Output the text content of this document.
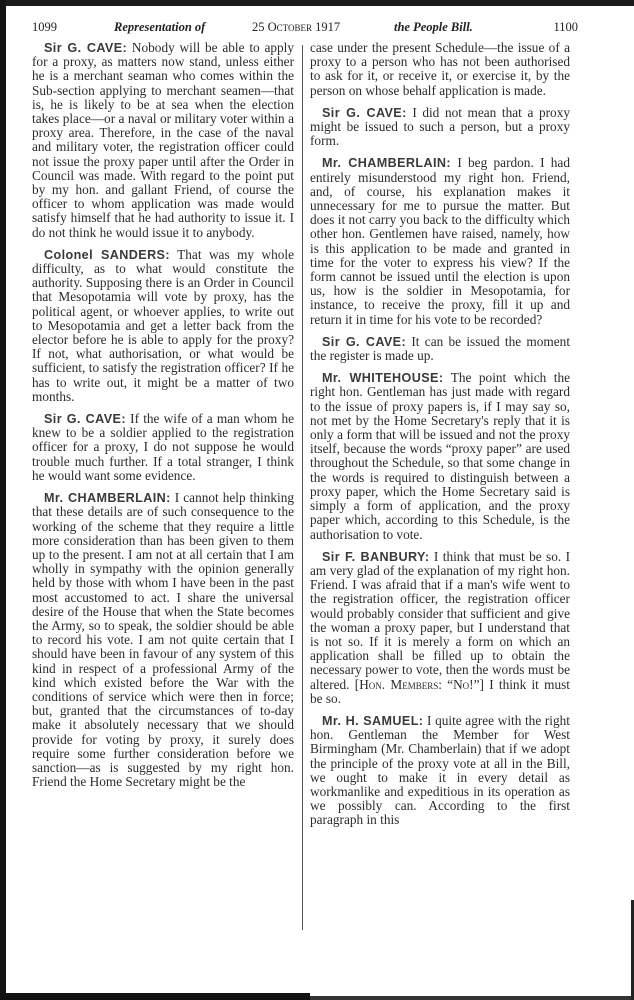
1099	Representation of	25 October 1917	the People Bill.	1100

Sir G. CAVE: Nobody will be able to apply for a proxy, as matters now stand, unless either he is a merchant seaman who comes within the Sub-section applying to merchant seamen—that is, he is likely to be at sea when the election takes place—or a naval or military voter within a proxy area. Therefore, in the case of the naval and military voter, the registration officer could not issue the proxy paper until after the Order in Council was made. With regard to the point put by my hon. and gallant Friend, of course the officer to whom application was made would satisfy himself that he had authority to issue it. I do not think he would issue it to anybody.

Colonel SANDERS: That was my whole difficulty, as to what would constitute the authority. Supposing there is an Order in Council that Mesopotamia will vote by proxy, has the political agent, or whoever applies, to write out to Mesopotamia and get a letter back from the elector before he is able to apply for the proxy? If not, what authorisation, or what would be sufficient, to satisfy the registration officer? If he has to write out, it might be a matter of two months.

Sir G. CAVE: If the wife of a man whom he knew to be a soldier applied to the registration officer for a proxy, I do not suppose he would trouble much further. If a total stranger, I think he would want some evidence.

Mr. CHAMBERLAIN: I cannot help thinking that these details are of such consequence to the working of the scheme that they require a little more consideration than has been given to them up to the present. I am not at all certain that I am wholly in sympathy with the opinion generally held by those with whom I have been in the past most accustomed to act. I share the universal desire of the House that when the State becomes the Army, so to speak, the soldier should be able to record his vote. I am not quite certain that I should have been in favour of any system of this kind in respect of a professional Army of the kind which existed before the War with the conditions of service which were then in force; but, granted that the circumstances of to-day make it absolutely necessary that we should provide for voting by proxy, it surely does require some further consideration before we sanction—as is suggested by my right hon. Friend the Home Secretary might be the

case under the present Schedule—the issue of a proxy to a person who has not been authorised to ask for it, or receive it, or exercise it, by the person on whose behalf application is made.

Sir G. CAVE: I did not mean that a proxy might be issued to such a person, but a proxy form.

Mr. CHAMBERLAIN: I beg pardon. I had entirely misunderstood my right hon. Friend, and, of course, his explanation makes it unnecessary for me to pursue the matter. But does it not carry you back to the difficulty which other hon. Gentlemen have raised, namely, how is this application to be made and granted in time for the voter to express his view? If the form cannot be issued until the election is upon us, how is the soldier in Mesopotamia, for instance, to receive the proxy, fill it up and return it in time for his vote to be recorded?

Sir G. CAVE: It can be issued the moment the register is made up.

Mr. WHITEHOUSE: The point which the right hon. Gentleman has just made with regard to the issue of proxy papers is, if I may say so, not met by the Home Secretary's reply that it is only a form that will be issued and not the proxy itself, because the words “proxy paper” are used throughout the Schedule, so that some change in the words is required to distinguish between a proxy paper, which the Home Secretary said is simply a form of application, and the proxy paper which, according to this Schedule, is the authorisation to vote.

Sir F. BANBURY: I think that must be so. I am very glad of the explanation of my right hon. Friend. I was afraid that if a man's wife went to the registration officer, the registration officer would probably consider that sufficient and give the woman a proxy paper, but I understand that is not so. If it is merely a form on which an application shall be filled up to obtain the necessary power to vote, then the words must be altered. [Hon. Members: “No!”] I think it must be so.

Mr. H. SAMUEL: I quite agree with the right hon. Gentleman the Member for West Birmingham (Mr. Chamberlain) that if we adopt the principle of the proxy vote at all in the Bill, we ought to make it in every detail as workmanlike and expeditious in its operation as we possibly can. According to the first paragraph in this
